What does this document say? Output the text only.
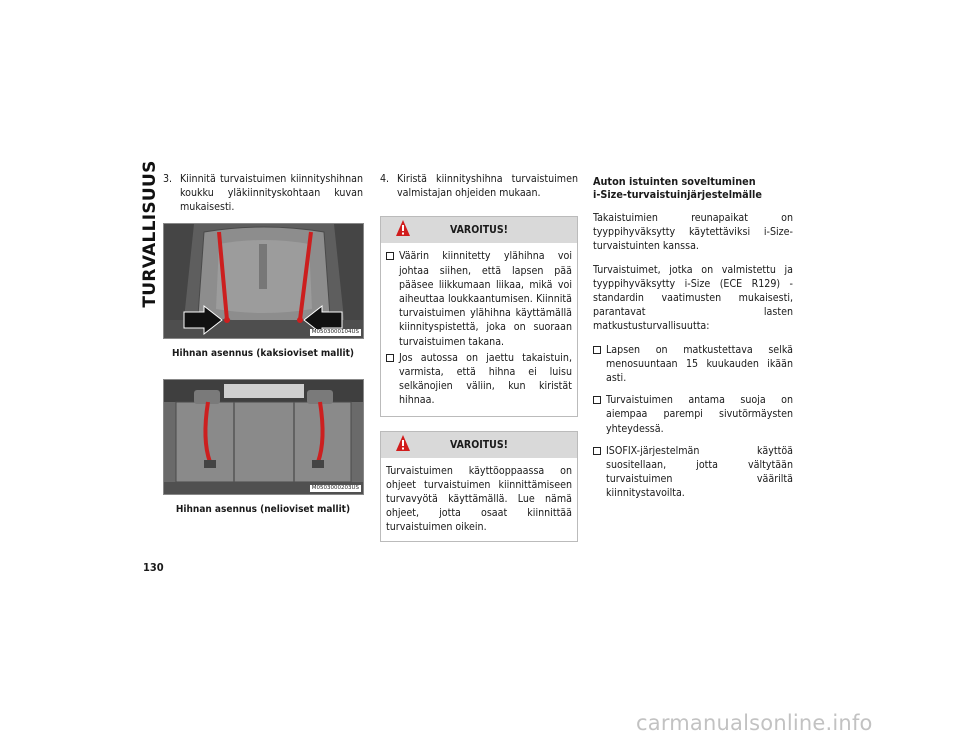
TURVALLISUUS
130
3. Kiinnitä turvaistuimen kiinnityshihnan koukku yläkiinnityskohtaan kuvan mukaisesti.
M0503000104US
Hihnan asennus (kaksioviset mallit)
M0503000203US
Hihnan asennus (nelioviset mallit)
4. Kiristä kiinnityshihna turvaistuimen valmistajan ohjeiden mukaan.
VAROITUS!
Väärin kiinnitetty ylähihna voi johtaa siihen, että lapsen pää pääsee liikkumaan liikaa, mikä voi aiheuttaa loukkaantumisen. Kiinnitä turvaistuimen ylähihna käyttämällä kiinnityspistettä, joka on suoraan turvaistuimen takana.
Jos autossa on jaettu takaistuin, varmista, että hihna ei luisu selkänojien väliin, kun kiristät hihnaa.
VAROITUS!
Turvaistuimen käyttöoppaassa on ohjeet turvaistuimen kiinnittämiseen turvavyötä käyttämällä. Lue nämä ohjeet, jotta osaat kiinnittää turvaistuimen oikein.
Auton istuinten soveltuminen
i-Size-turvaistuinjärjestelmälle
Takaistuimien reunapaikat on tyyppihyväksytty käytettäviksi i-Size-turvaistuinten kanssa.
Turvaistuimet, jotka on valmistettu ja tyyppihyväksytty i-Size (ECE R129) -standardin vaatimusten mukaisesti, parantavat lasten matkustusturvallisuutta:
Lapsen on matkustettava selkä menosuuntaan 15 kuukauden ikään asti.
Turvaistuimen antama suoja on aiempaa parempi sivutörmäysten yhteydessä.
ISOFIX-järjestelmän käyttöä suositellaan, jotta vältytään turvaistuimen vääriltä kiinnitystavoilta.
carmanualsonline.info
